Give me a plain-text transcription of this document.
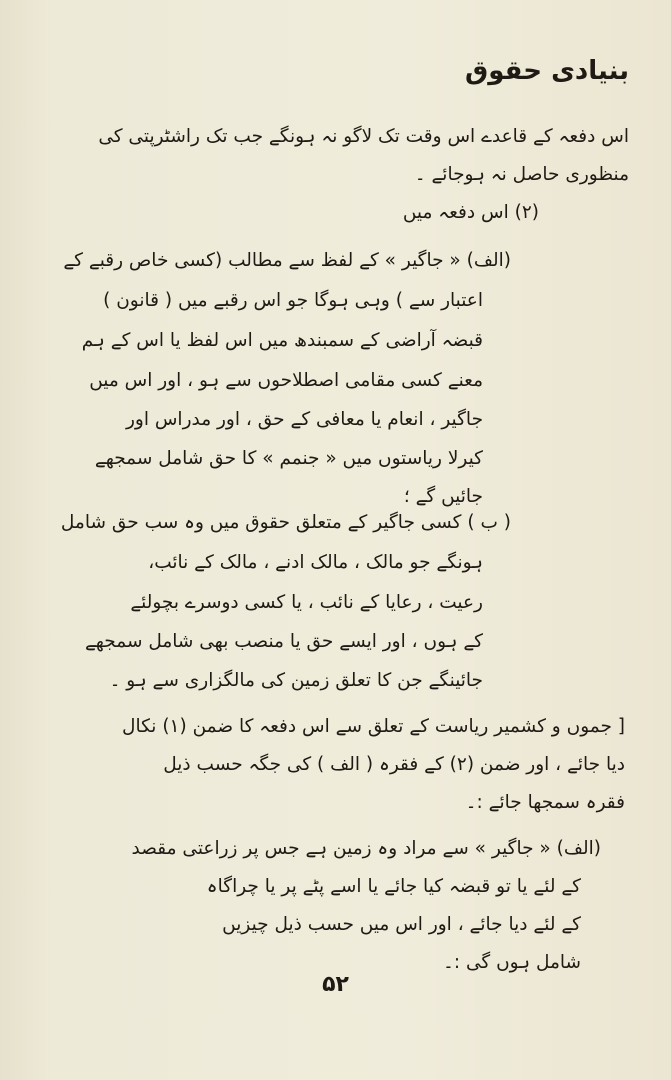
بنیادی حقوق
اس دفعہ کے قاعدے اس وقت تک لاگو نہ ہونگے جب تک راشٹرپتی کی
منظوری حاصل نہ ہوجائے ۔
(۲) اس دفعہ میں
(الف) « جاگیر » کے لفظ سے مطالب (کسی خاص رقبے کے
اعتبار سے ) وہی ہوگا جو اس رقبے میں ( قانون )
قبضہ آراضی کے سمبندھ میں اس لفظ یا اس کے ہم
معنے کسی مقامی اصطلاحوں سے ہو ، اور اس میں
جاگیر ، انعام یا معافی کے حق ، اور مدراس اور
کیرلا ریاستوں میں « جنمم » کا حق شامل سمجھے
جائیں گے ؛
( ب ) کسی جاگیر کے متعلق حقوق میں وہ سب حق شامل
ہونگے جو مالک ، مالک ادنے ، مالک کے نائب،
رعیت ، رعایا کے نائب ، یا کسی دوسرے بچولئے
کے ہوں ، اور ایسے حق یا منصب بھی شامل سمجھے
جائینگے جن کا تعلق زمین کی مالگزاری سے ہو ۔
[ جموں و کشمیر ریاست کے تعلق سے اس دفعہ کا ضمن (۱) نکال
دیا جائے ، اور ضمن (۲) کے فقرہ ( الف ) کی جگہ حسب ذیل
فقرہ سمجھا جائے :۔
(الف) « جاگیر » سے مراد وہ زمین ہے جس پر زراعتی مقصد
کے لئے یا تو قبضہ کیا جائے یا اسے پٹے پر یا چراگاہ
کے لئے دیا جائے ، اور اس میں حسب ذیل چیزیں
شامل ہوں گی :۔
۵۲
